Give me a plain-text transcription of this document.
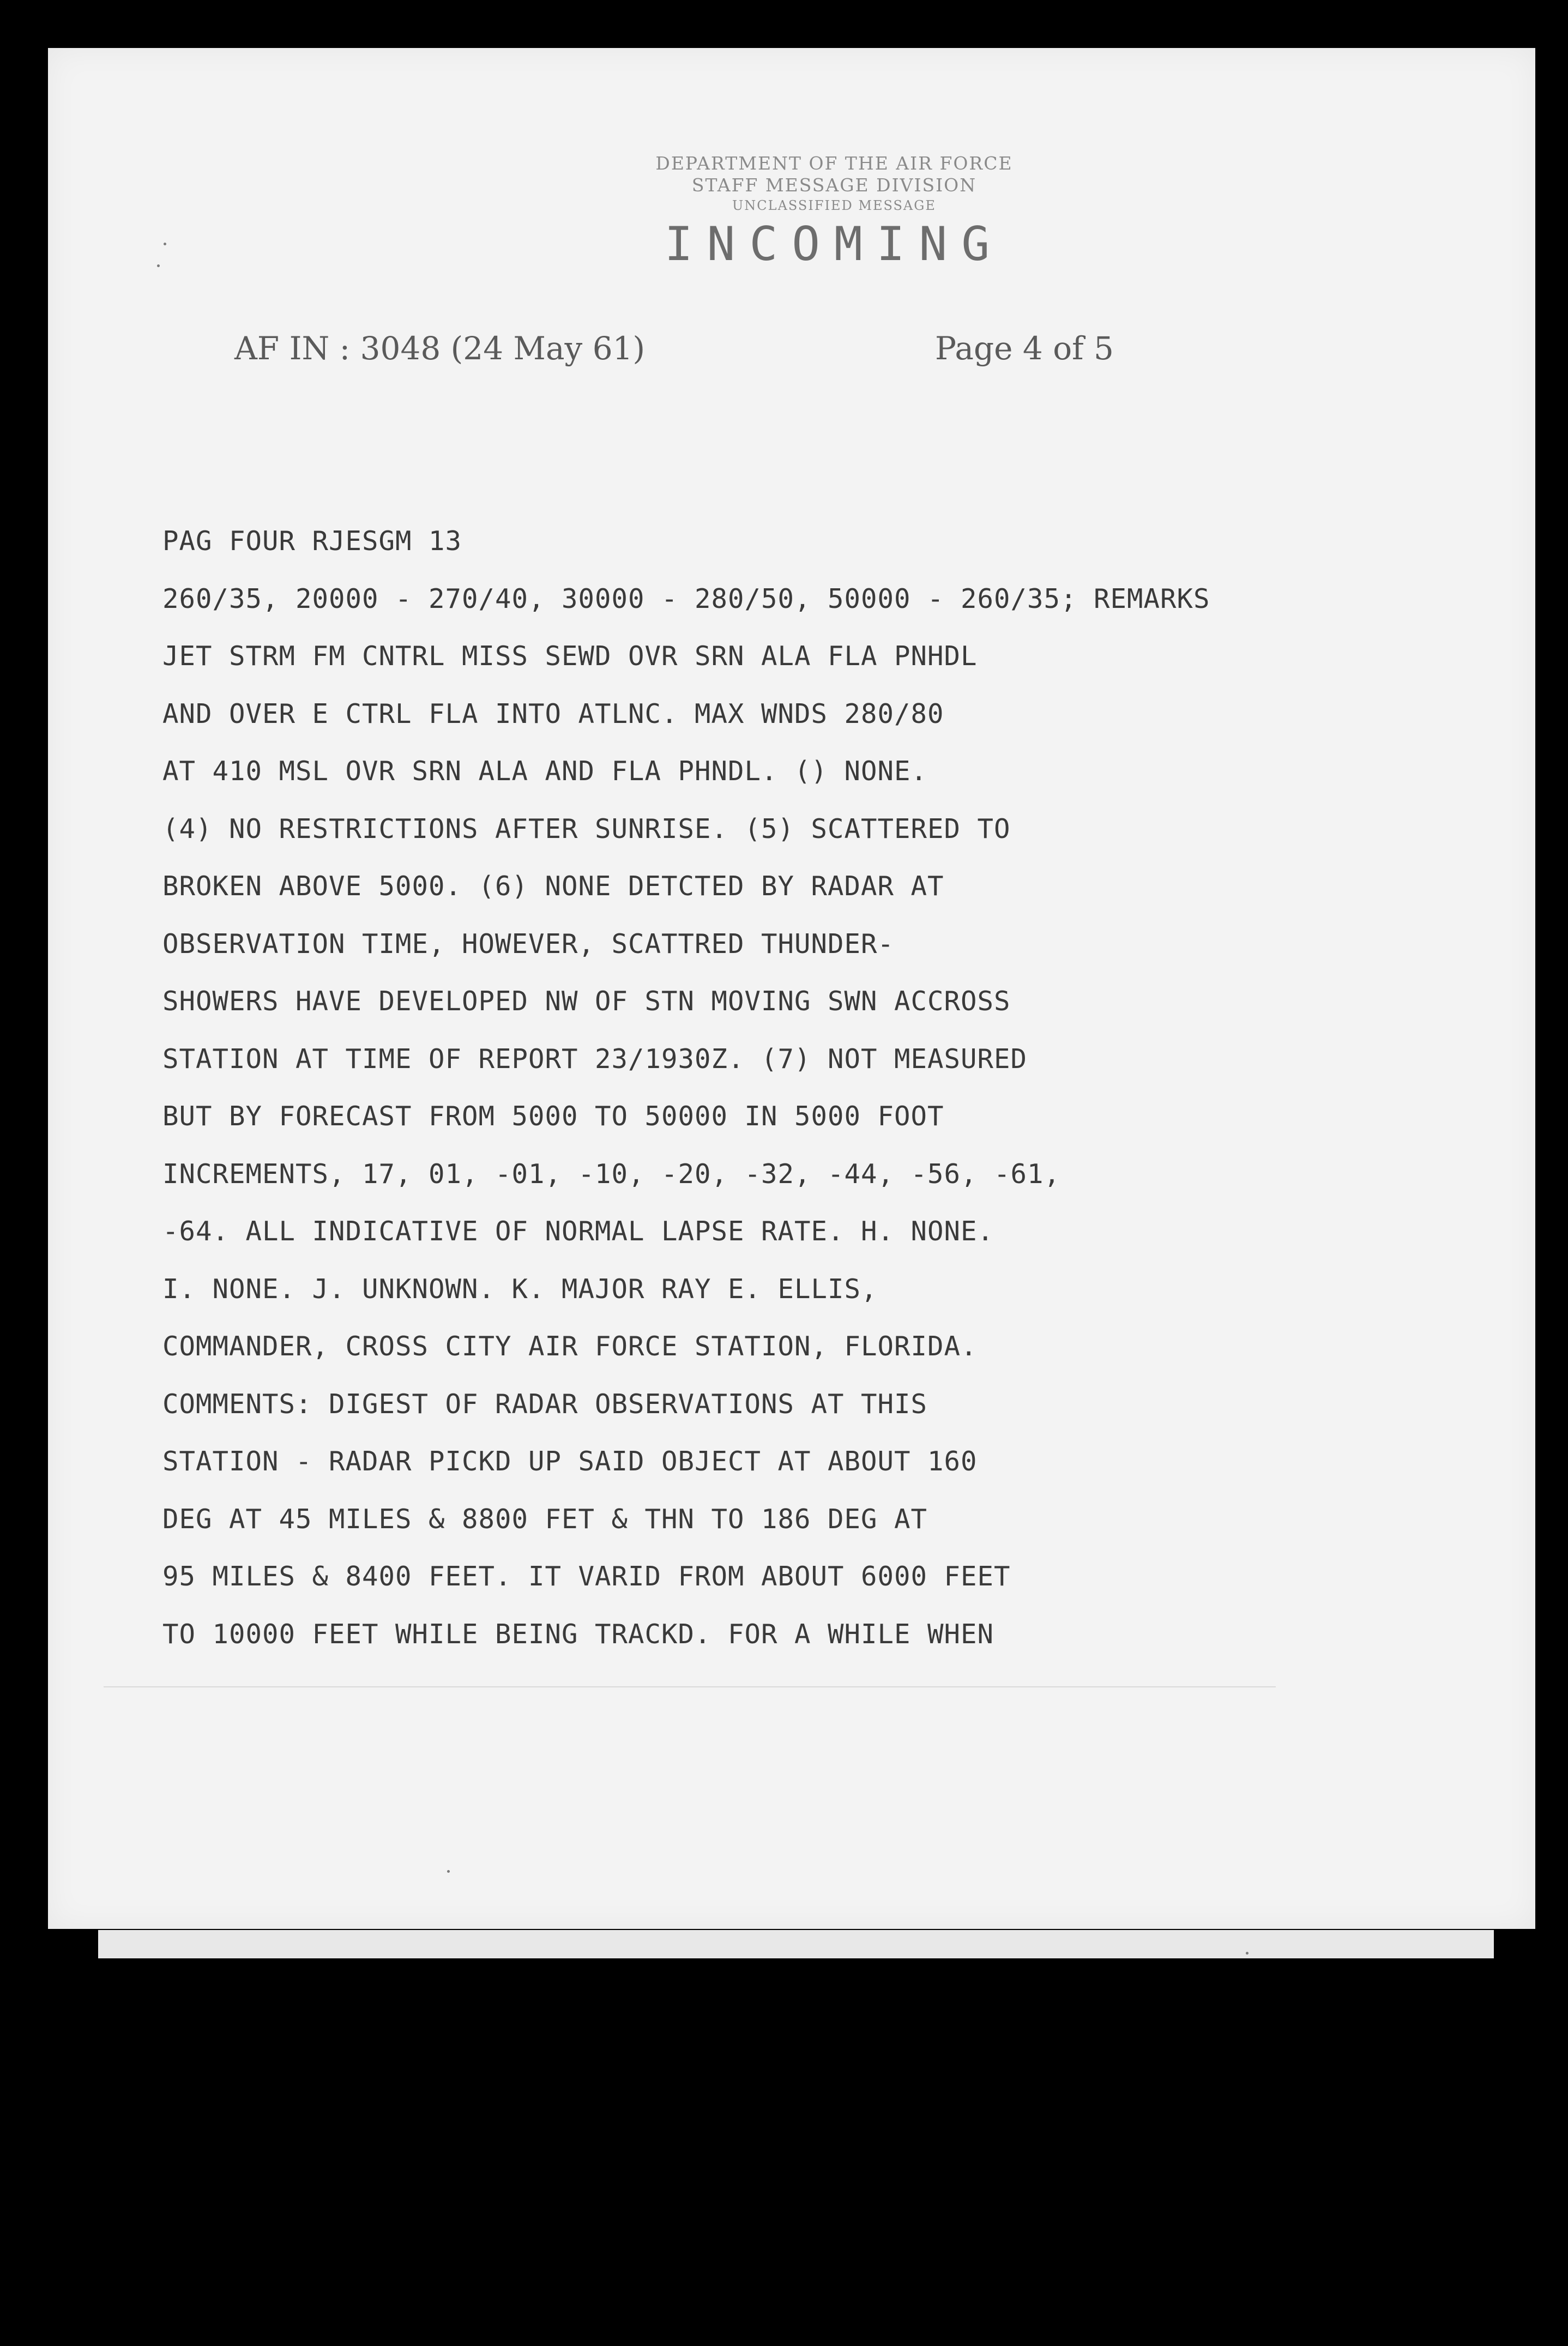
DEPARTMENT OF THE AIR FORCE
STAFF MESSAGE DIVISION
UNCLASSIFIED MESSAGE
INCOMING
AF IN : 3048 (24 May 61)	Page 4 of 5
PAG FOUR RJESGM 13
260/35, 20000 - 270/40, 30000 - 280/50, 50000 - 260/35; REMARKS
JET STRM FM CNTRL MISS SEWD OVR SRN ALA FLA PNHDL
AND OVER E CTRL FLA INTO ATLNC. MAX WNDS 280/80
AT 410 MSL OVR SRN ALA AND FLA PHNDL. () NONE.
(4) NO RESTRICTIONS AFTER SUNRISE. (5) SCATTERED TO
BROKEN ABOVE 5000. (6) NONE DETCTED BY RADAR AT
OBSERVATION TIME, HOWEVER, SCATTRED THUNDER-
SHOWERS HAVE DEVELOPED NW OF STN MOVING SWN ACCROSS
STATION AT TIME OF REPORT 23/1930Z. (7) NOT MEASURED
BUT BY FORECAST FROM 5000 TO 50000 IN 5000 FOOT
INCREMENTS, 17, 01, -01, -10, -20, -32, -44, -56, -61,
-64. ALL INDICATIVE OF NORMAL LAPSE RATE. H. NONE.
I. NONE. J. UNKNOWN. K. MAJOR RAY E. ELLIS,
COMMANDER, CROSS CITY AIR FORCE STATION, FLORIDA.
COMMENTS: DIGEST OF RADAR OBSERVATIONS AT THIS
STATION - RADAR PICKD UP SAID OBJECT AT ABOUT 160
DEG AT 45 MILES & 8800 FET & THN TO 186 DEG AT
95 MILES & 8400 FEET. IT VARID FROM ABOUT 6000 FEET
TO 10000 FEET WHILE BEING TRACKD. FOR A WHILE WHEN
